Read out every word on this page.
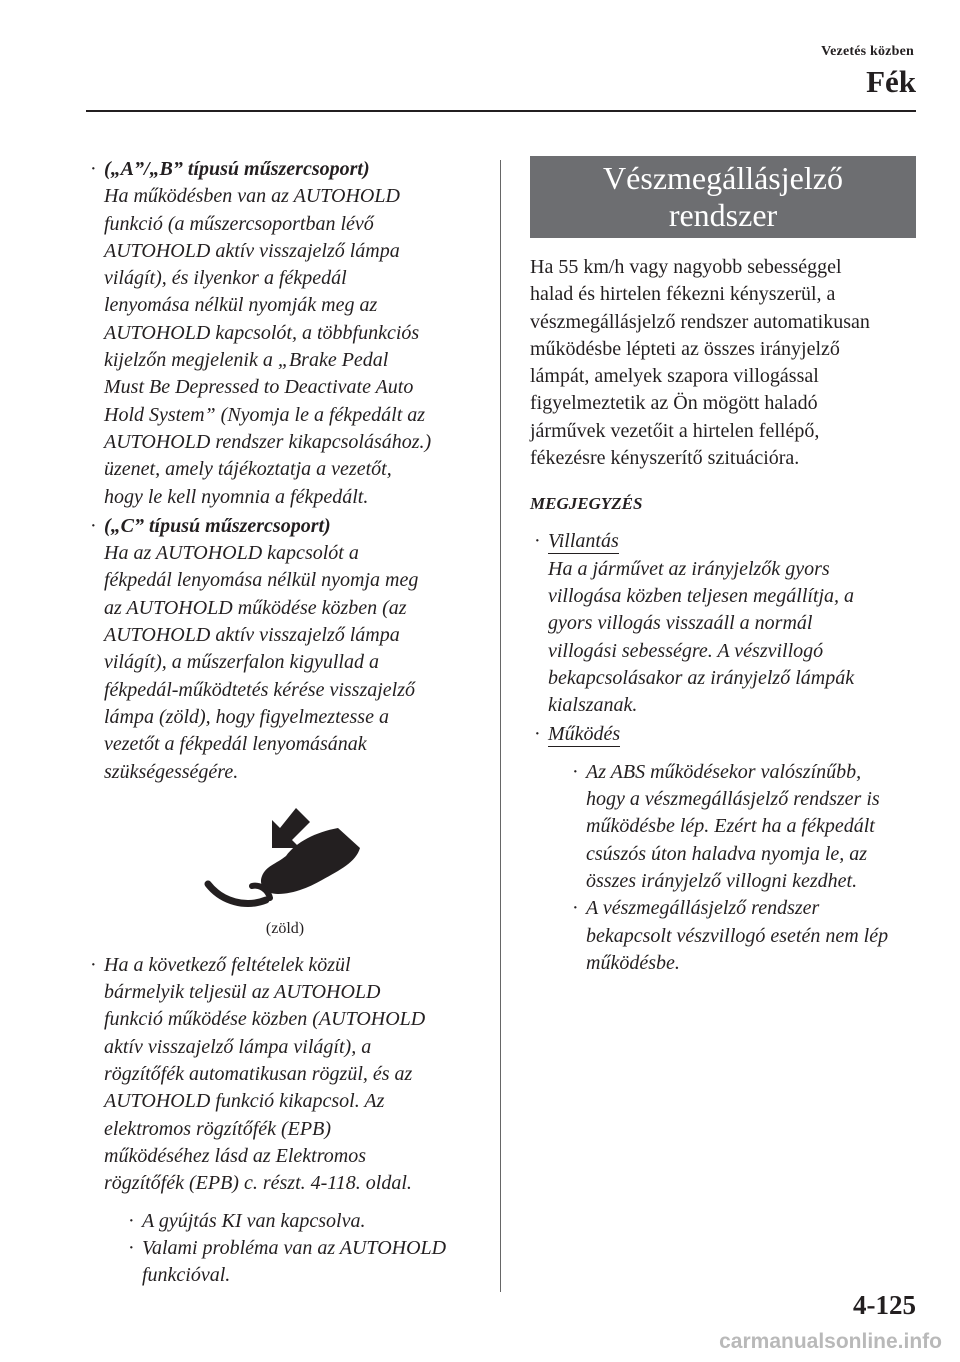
Vezetés közben
Fék
· („A”/„B” típusú műszercsoport)
Ha működésben van az AUTOHOLD
funkció (a műszercsoportban lévő
AUTOHOLD aktív visszajelző lámpa
világít), és ilyenkor a fékpedál
lenyomása nélkül nyomják meg az
AUTOHOLD kapcsolót, a többfunkciós
kijelzőn megjelenik a „Brake Pedal
Must Be Depressed to Deactivate Auto
Hold System” (Nyomja le a fékpedált az
AUTOHOLD rendszer kikapcsolásához.)
üzenet, amely tájékoztatja a vezetőt,
hogy le kell nyomnia a fékpedált.
· („C” típusú műszercsoport)
Ha az AUTOHOLD kapcsolót a
fékpedál lenyomása nélkül nyomja meg
az AUTOHOLD működése közben (az
AUTOHOLD aktív visszajelző lámpa
világít), a műszerfalon kigyullad a
fékpedál-működtetés kérése visszajelző
lámpa (zöld), hogy figyelmeztesse a
vezetőt a fékpedál lenyomásának
szükségességére.
(zöld)
· Ha a következő feltételek közül
bármelyik teljesül az AUTOHOLD
funkció működése közben (AUTOHOLD
aktív visszajelző lámpa világít), a
rögzítőfék automatikusan rögzül, és az
AUTOHOLD funkció kikapcsol. Az
elektromos rögzítőfék (EPB)
működéséhez lásd az Elektromos
rögzítőfék (EPB) c. részt. 4-118. oldal.
· A gyújtás KI van kapcsolva.
· Valami probléma van az AUTOHOLD
funkcióval.
Vészmegállásjelző
rendszer
Ha 55 km/h vagy nagyobb sebességgel
halad és hirtelen fékezni kényszerül, a
vészmegállásjelző rendszer automatikusan
működésbe lépteti az összes irányjelző
lámpát, amelyek szapora villogással
figyelmeztetik az Ön mögött haladó
járművek vezetőit a hirtelen fellépő,
fékezésre kényszerítő szituációra.
MEGJEGYZÉS
· Villantás
Ha a járművet az irányjelzők gyors
villogása közben teljesen megállítja, a
gyors villogás visszaáll a normál
villogási sebességre. A vészvillogó
bekapcsolásakor az irányjelző lámpák
kialszanak.
· Működés
· Az ABS működésekor valószínűbb,
hogy a vészmegállásjelző rendszer is
működésbe lép. Ezért ha a fékpedált
csúszós úton haladva nyomja le, az
összes irányjelző villogni kezdhet.
· A vészmegállásjelző rendszer
bekapcsolt vészvillogó esetén nem lép
működésbe.
4-125
carmanualsonline.info
